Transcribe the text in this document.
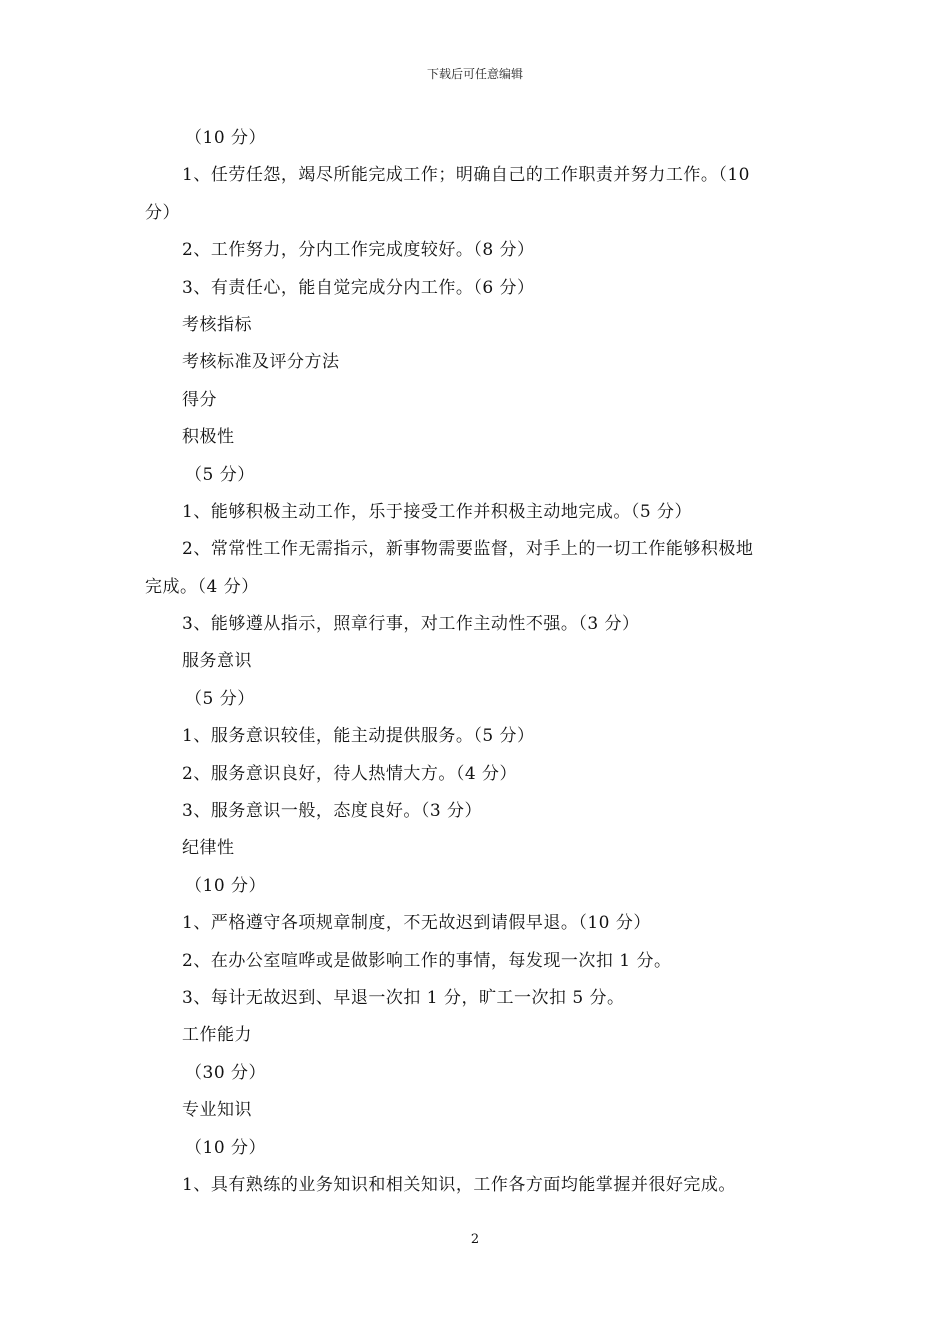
下载后可任意编辑
（10 分）
1、任劳任怨，竭尽所能完成工作；明确自己的工作职责并努力工作。（10
分）
2、工作努力，分内工作完成度较好。（8 分）
3、有责任心，能自觉完成分内工作。（6 分）
考核指标
考核标准及评分方法
得分
积极性
（5 分）
1、能够积极主动工作，乐于接受工作并积极主动地完成。（5 分）
2、常常性工作无需指示，新事物需要监督，对手上的一切工作能够积极地
完成。（4 分）
3、能够遵从指示，照章行事，对工作主动性不强。（3 分）
服务意识
（5 分）
1、服务意识较佳，能主动提供服务。（5 分）
2、服务意识良好，待人热情大方。（4 分）
3、服务意识一般，态度良好。（3 分）
纪律性
（10 分）
1、严格遵守各项规章制度，不无故迟到请假早退。（10 分）
2、在办公室喧哗或是做影响工作的事情，每发现一次扣 1 分。
3、每计无故迟到、早退一次扣 1 分，旷工一次扣 5 分。
工作能力
（30 分）
专业知识
（10 分）
1、具有熟练的业务知识和相关知识，工作各方面均能掌握并很好完成。
2
